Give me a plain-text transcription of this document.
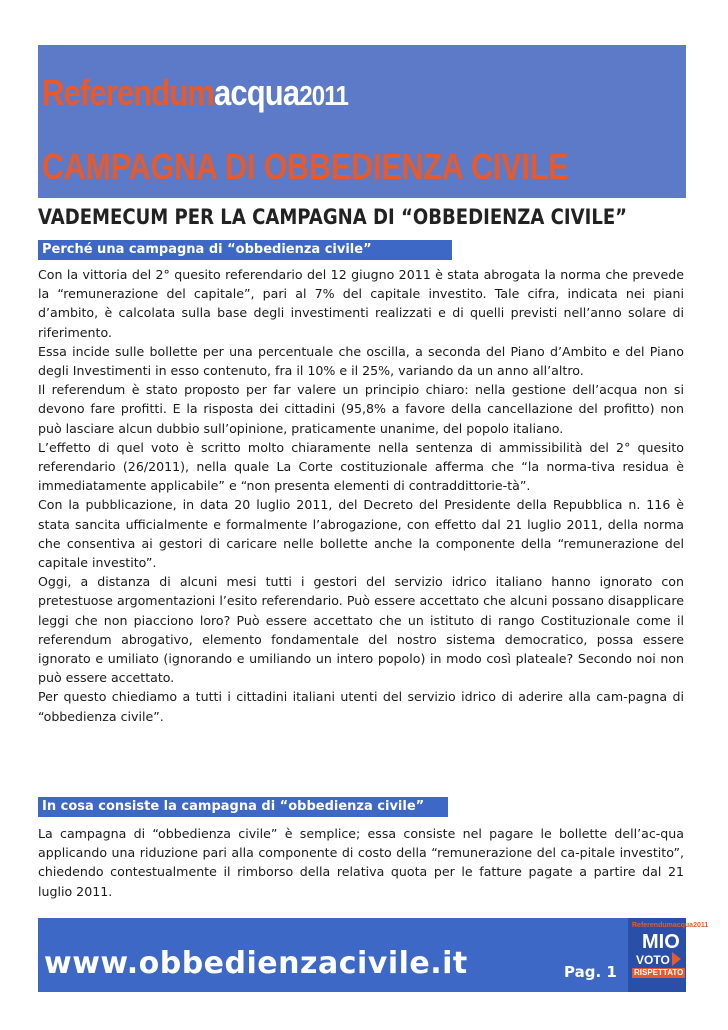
Referendumacqua2011
CAMPAGNA DI OBBEDIENZA CIVILE
VADEMECUM PER LA CAMPAGNA DI “OBBEDIENZA CIVILE”
Perché una campagna di “obbedienza civile”

Con la vittoria del 2° quesito referendario del 12 giugno 2011 è stata abrogata la norma che prevede la “remunerazione del capitale”, pari al 7% del capitale investito. Tale cifra, indicata nei piani d’ambito, è calcolata sulla base degli investimenti realizzati e di quelli previsti nell’anno solare di riferimento.

Essa incide sulle bollette per una percentuale che oscilla, a seconda del Piano d’Ambito e del Piano degli Investimenti in esso contenuto, fra il 10% e il 25%, variando da un anno all’altro.

Il referendum è stato proposto per far valere un principio chiaro: nella gestione dell’acqua non si devono fare profitti. E la risposta dei cittadini (95,8% a favore della cancellazione del profitto) non può lasciare alcun dubbio sull’opinione, praticamente unanime, del popolo italiano.

L’effetto di quel voto è scritto molto chiaramente nella sentenza di ammissibilità del 2° quesito referendario (26/2011), nella quale La Corte costituzionale afferma che “la norma-tiva residua è immediatamente applicabile” e “non presenta elementi di contraddittorie-tà”.

Con la pubblicazione, in data 20 luglio 2011, del Decreto del Presidente della Repubblica n. 116 è stata sancita ufficialmente e formalmente l’abrogazione, con effetto dal 21 luglio 2011, della norma che consentiva ai gestori di caricare nelle bollette anche la componente della “remunerazione del capitale investito”.

Oggi, a distanza di alcuni mesi tutti i gestori del servizio idrico italiano hanno ignorato con pretestuose argomentazioni l’esito referendario. Può essere accettato che alcuni possano disapplicare leggi che non piacciono loro? Può essere accettato che un istituto di rango Costituzionale come il referendum abrogativo, elemento fondamentale del nostro sistema democratico, possa essere ignorato e umiliato (ignorando e umiliando un intero popolo) in modo così plateale? Secondo noi non può essere accettato.

Per questo chiediamo a tutti i cittadini italiani utenti del servizio idrico di aderire alla cam-pagna di “obbedienza civile”.

In cosa consiste la campagna di “obbedienza civile”

La campagna di “obbedienza civile” è semplice; essa consiste nel pagare le bollette dell’ac-qua applicando una riduzione pari alla componente di costo della “remunerazione del ca-pitale investito”, chiedendo contestualmente il rimborso della relativa quota per le fatture pagate a partire dal 21 luglio 2011.

www.obbedienzacivile.it	Pag. 1
Referendumacqua2011
MIO
VOTO
RISPETTATO
